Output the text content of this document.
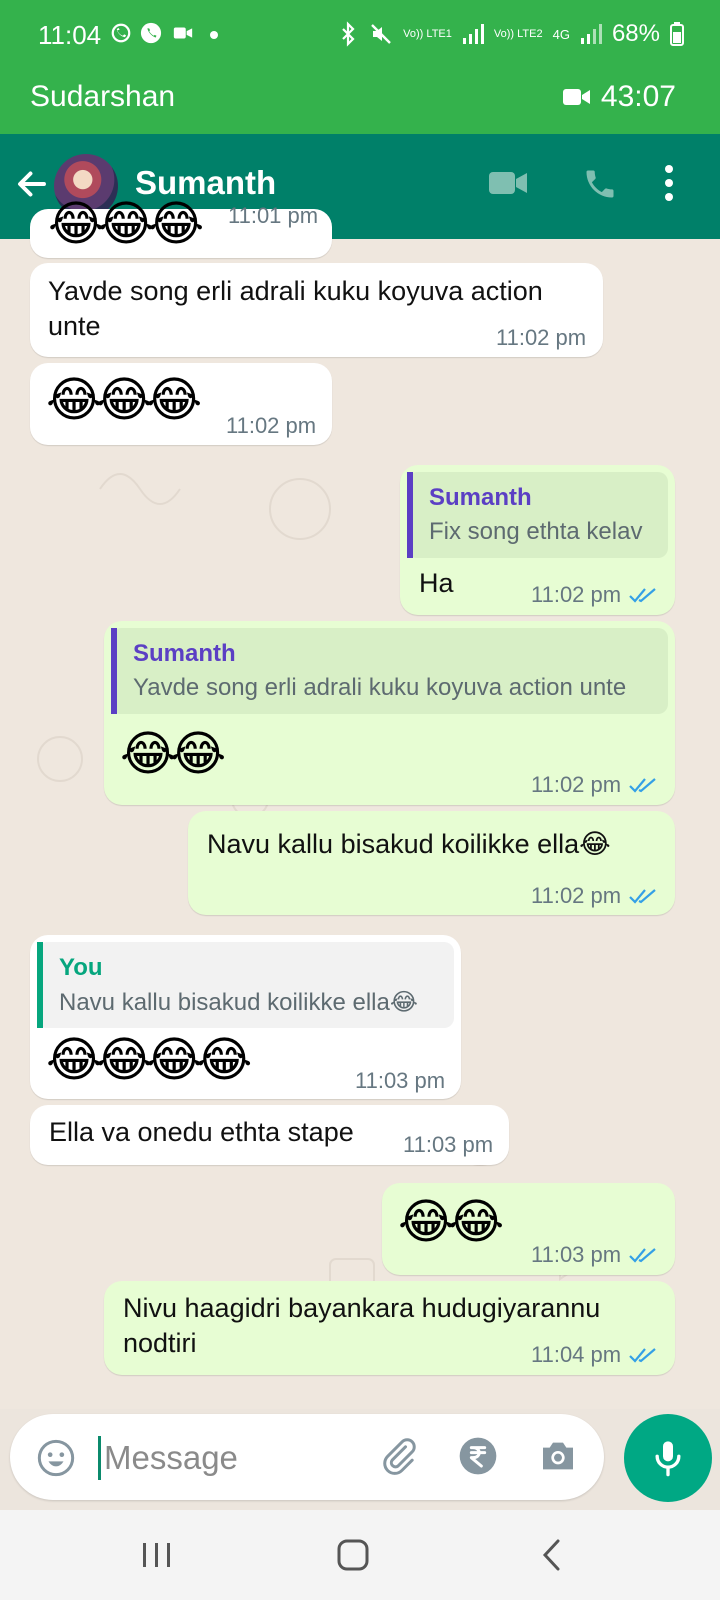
11:04	Vo)) LTE1	Vo)) LTE2 4G 68%
Sudarshan	43:07
Sumanth
😂😂😂 11:01 pm
Yavde song erli adrali kuku koyuva action unte	11:02 pm
😂😂😂 11:02 pm
Sumanth
Fix song ethta kelav
Ha	11:02 pm
Sumanth
Yavde song erli adrali kuku koyuva action unte
😂😂
11:02 pm
Navu kallu bisakud koilikke ella😂
11:02 pm
You
Navu kallu bisakud koilikke ella😂
😂😂😂😂	11:03 pm
Ella va onedu ethta stape 11:03 pm
😂😂
11:03 pm
Nivu haagidri bayankara hudugiyarannu nodtiri	11:04 pm
Message
